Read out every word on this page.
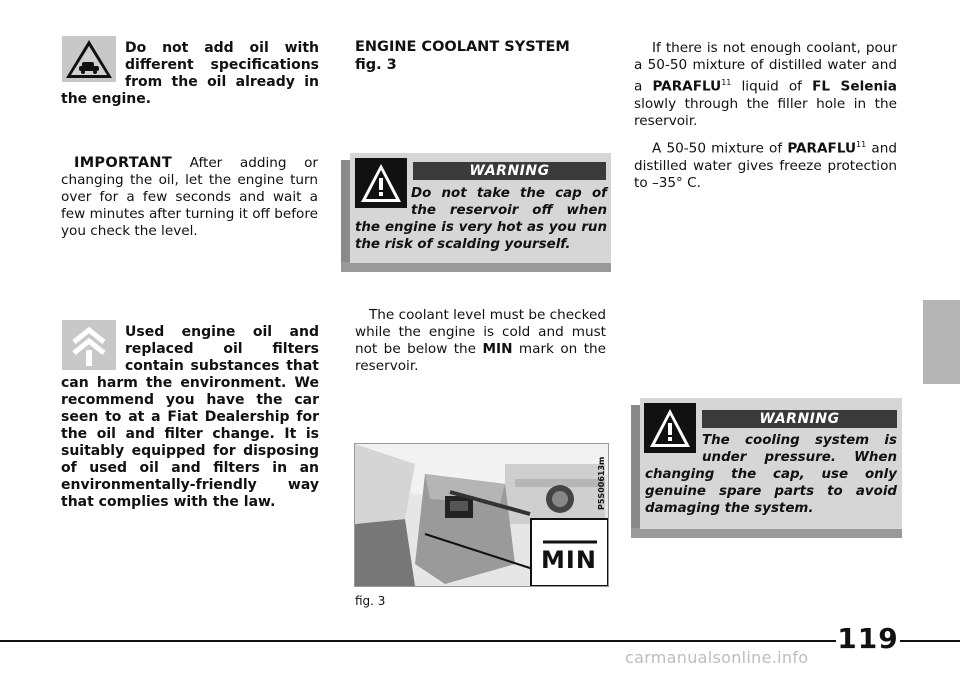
Do not add oil with different specifications from the oil already in the engine.
IMPORTANT After adding or changing the oil, let the engine turn over for a few seconds and wait a few minutes after turning it off before you check the level.
Used engine oil and replaced oil filters contain substances that can harm the environment. We recommend you have the car seen to at a Fiat Dealership for the oil and filter change. It is suitably equipped for disposing of used oil and filters in an environmentally-friendly way that complies with the law.
ENGINE COOLANT SYSTEM
fig. 3
WARNING
Do not take the cap of the reservoir off when the engine is very hot as you run the risk of scalding yourself.
The coolant level must be checked while the engine is cold and must not be below the MIN mark on the reservoir.
MIN
P5S00613m
fig. 3
If there is not enough coolant, pour a 50-50 mixture of distilled water and a PARAFLU$^{11}$ liquid of FL Selenia slowly through the filler hole in the reservoir.
A 50-50 mixture of PARAFLU$^{11}$ and distilled water gives freeze protection to –35° C.
WARNING
The cooling system is under pressure. When changing the cap, use only genuine spare parts to avoid damaging the system.
119
carmanualsonline.info
